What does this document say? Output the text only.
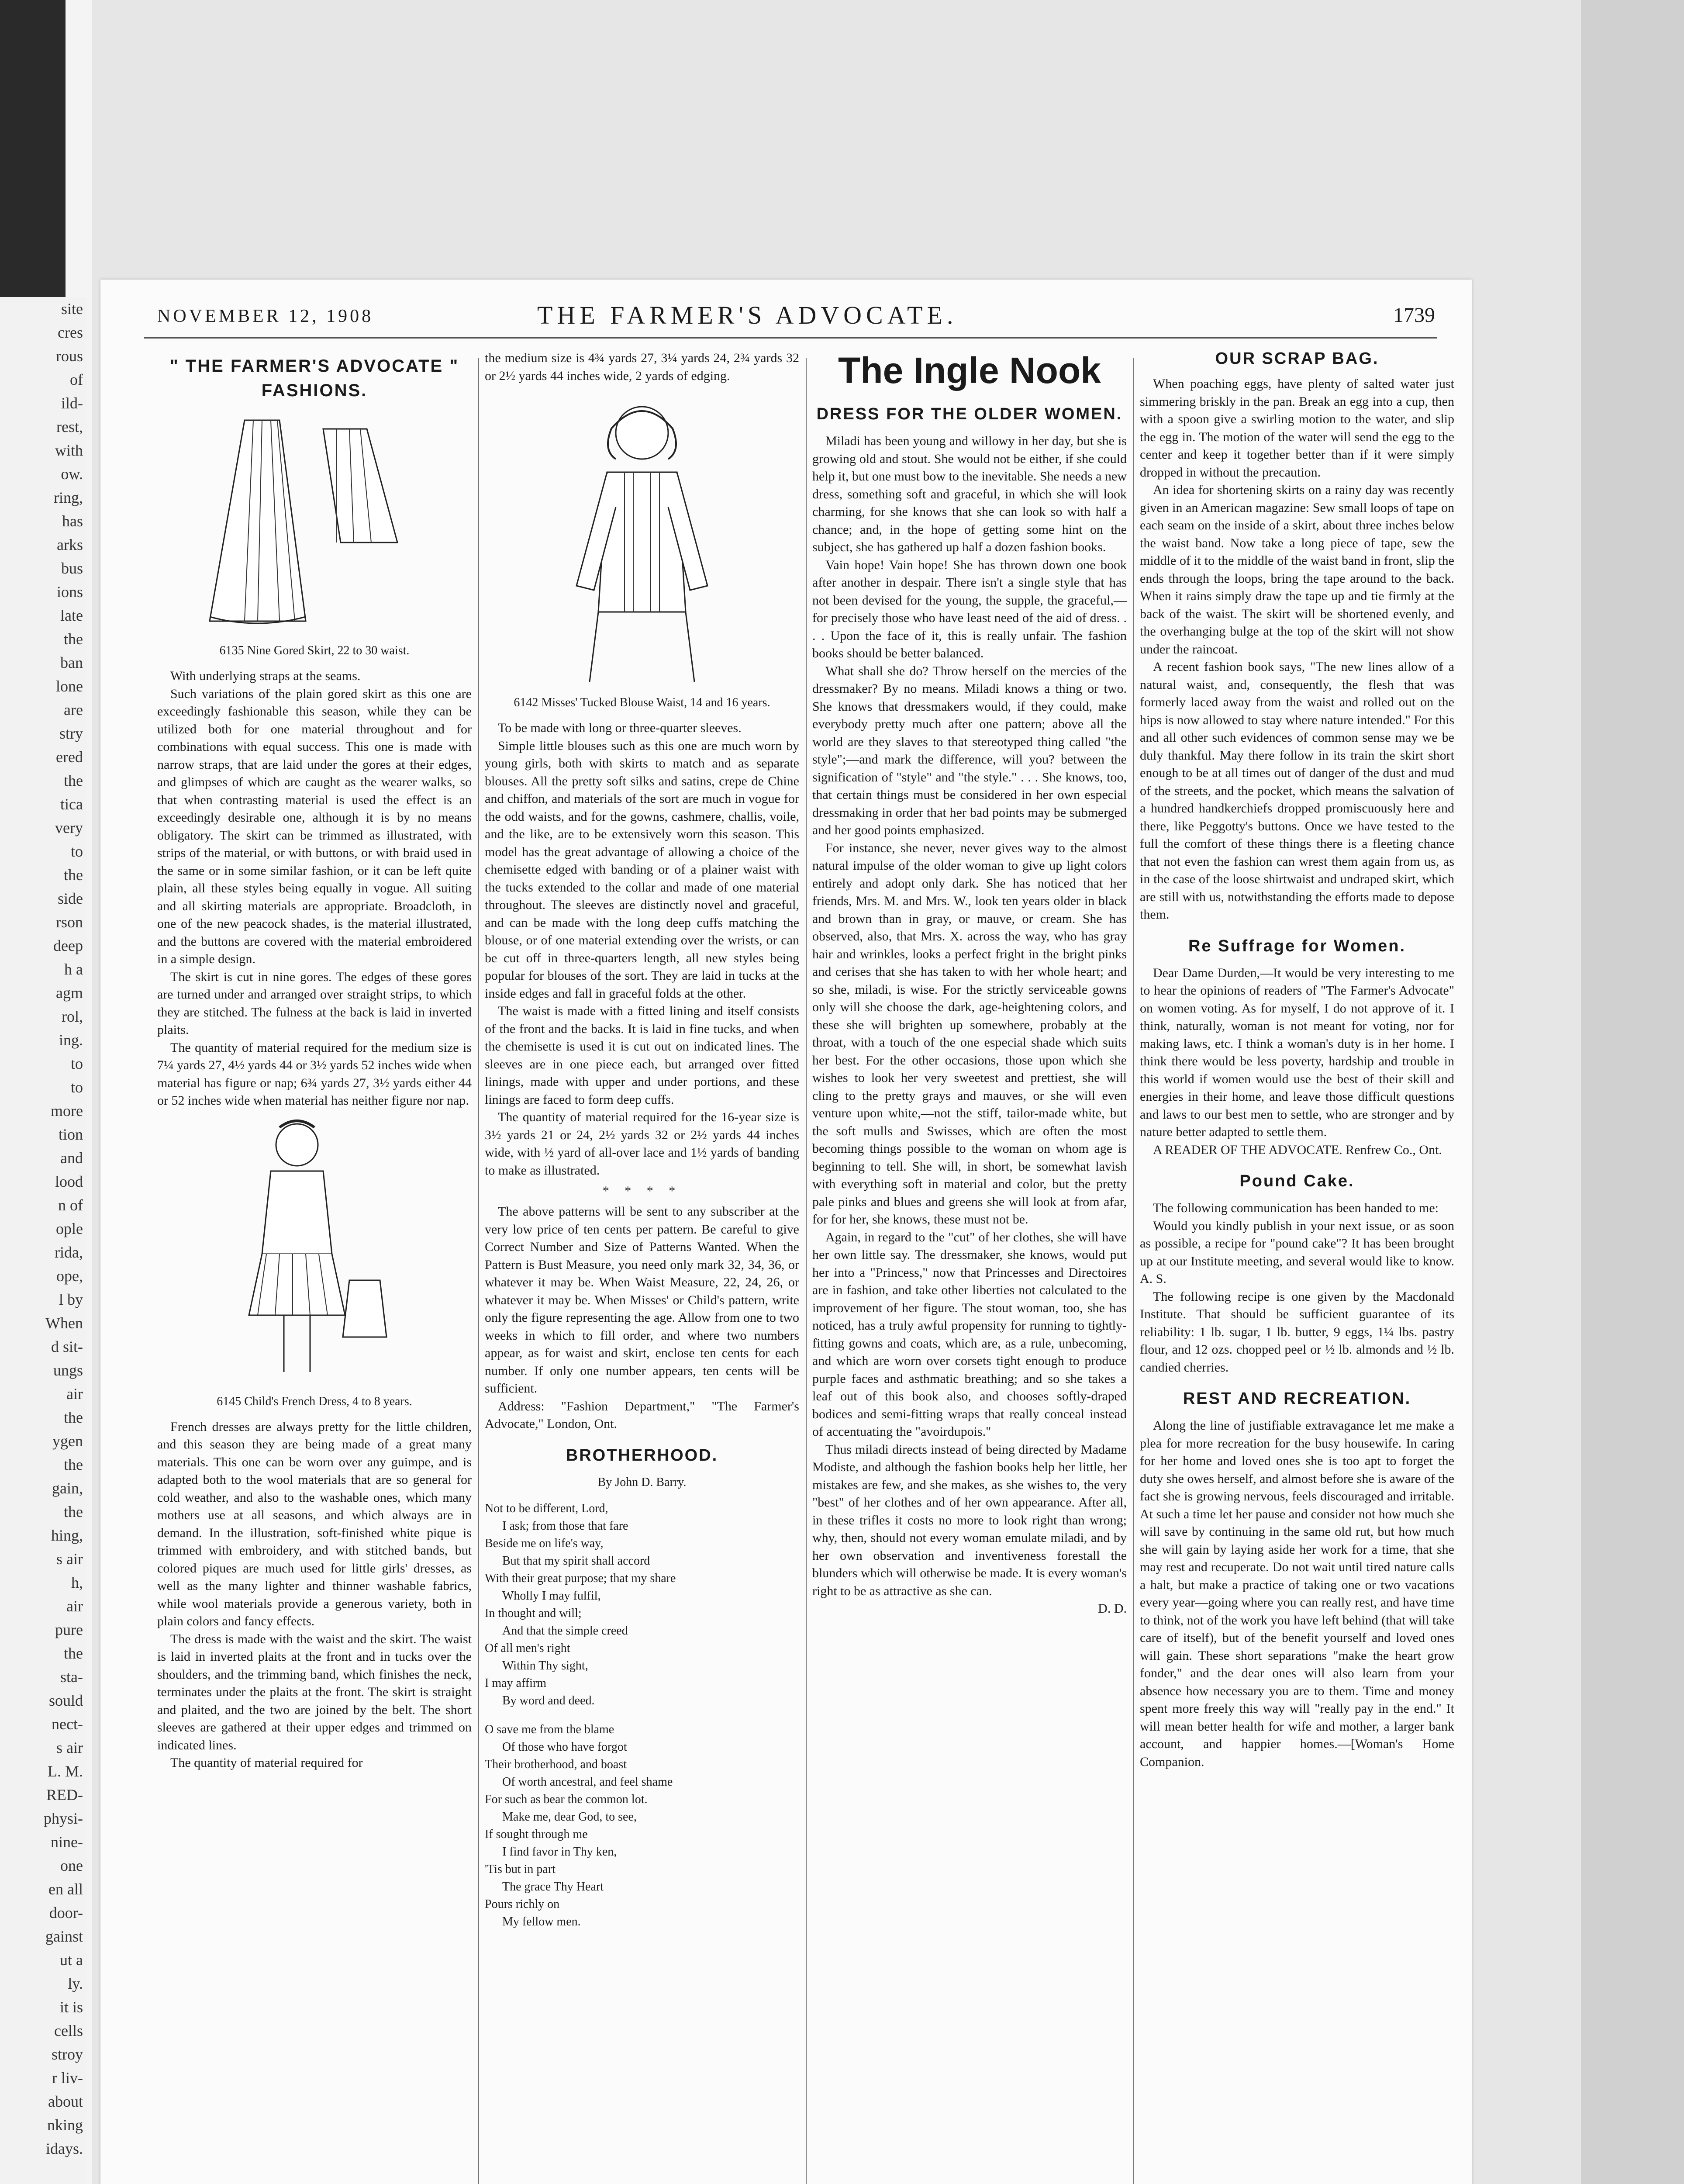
site

cres

rous

of

ild-

rest,

with

ow.

ring,

has

arks

bus

ions

late

the

ban

lone

are

stry

ered

the

tica

very

to

the

side

rson

deep

h a

agm

rol,

ing.

to

to

more

tion

and

lood

n of

ople

rida,

ope,

l by

When

d sit-

ungs

air

the

ygen

the

gain,

the

hing,

s air

h,

air

pure

the

sta-

sould

nect-

s air

L. M.

RED-

physi-

nine-

one

en all

door-

gainst

ut a

ly.

it is

cells

stroy

r liv-

about

nking

idays.

NOVEMBER 12, 1908	THE FARMER'S ADVOCATE.	1739
" THE FARMER'S ADVOCATE " FASHIONS.
6135 Nine Gored Skirt, 22 to 30 waist.

With underlying straps at the seams.

Such variations of the plain gored skirt as this one are exceedingly fashionable this season, while they can be utilized both for one material throughout and for combinations with equal success. This one is made with narrow straps, that are laid under the gores at their edges, and glimpses of which are caught as the wearer walks, so that when contrasting material is used the effect is an exceedingly desirable one, although it is by no means obligatory. The skirt can be trimmed as illustrated, with strips of the material, or with buttons, or with braid used in the same or in some similar fashion, or it can be left quite plain, all these styles being equally in vogue. All suiting and all skirting materials are appropriate. Broadcloth, in one of the new peacock shades, is the material illustrated, and the buttons are covered with the material embroidered in a simple design.

The skirt is cut in nine gores. The edges of these gores are turned under and arranged over straight strips, to which they are stitched. The fulness at the back is laid in inverted plaits.

The quantity of material required for the medium size is 7¼ yards 27, 4½ yards 44 or 3½ yards 52 inches wide when material has figure or nap; 6¾ yards 27, 3½ yards either 44 or 52 inches wide when material has neither figure nor nap.

6145 Child's French Dress, 4 to 8 years.

French dresses are always pretty for the little children, and this season they are being made of a great many materials. This one can be worn over any guimpe, and is adapted both to the wool materials that are so general for cold weather, and also to the washable ones, which many mothers use at all seasons, and which always are in demand. In the illustration, soft-finished white pique is trimmed with embroidery, and with stitched bands, but colored piques are much used for little girls' dresses, as well as the many lighter and thinner washable fabrics, while wool materials provide a generous variety, both in plain colors and fancy effects.

The dress is made with the waist and the skirt. The waist is laid in inverted plaits at the front and in tucks over the shoulders, and the trimming band, which finishes the neck, terminates under the plaits at the front. The skirt is straight and plaited, and the two are joined by the belt. The short sleeves are gathered at their upper edges and trimmed on indicated lines.

The quantity of material required for

the medium size is 4¾ yards 27, 3¼ yards 24, 2¾ yards 32 or 2½ yards 44 inches wide, 2 yards of edging.

6142 Misses' Tucked Blouse Waist, 14 and 16 years.

To be made with long or three-quarter sleeves.

Simple little blouses such as this one are much worn by young girls, both with skirts to match and as separate blouses. All the pretty soft silks and satins, crepe de Chine and chiffon, and materials of the sort are much in vogue for the odd waists, and for the gowns, cashmere, challis, voile, and the like, are to be extensively worn this season. This model has the great advantage of allowing a choice of the chemisette edged with banding or of a plainer waist with the tucks extended to the collar and made of one material throughout. The sleeves are distinctly novel and graceful, and can be made with the long deep cuffs matching the blouse, or of one material extending over the wrists, or can be cut off in three-quarters length, all new styles being popular for blouses of the sort. They are laid in tucks at the inside edges and fall in graceful folds at the other.

The waist is made with a fitted lining and itself consists of the front and the backs. It is laid in fine tucks, and when the chemisette is used it is cut out on indicated lines. The sleeves are in one piece each, but arranged over fitted linings, made with upper and under portions, and these linings are faced to form deep cuffs.

The quantity of material required for the 16-year size is 3½ yards 21 or 24, 2½ yards 32 or 2½ yards 44 inches wide, with ½ yard of all-over lace and 1½ yards of banding to make as illustrated.

* * * *

The above patterns will be sent to any subscriber at the very low price of ten cents per pattern. Be careful to give Correct Number and Size of Patterns Wanted. When the Pattern is Bust Measure, you need only mark 32, 34, 36, or whatever it may be. When Waist Measure, 22, 24, 26, or whatever it may be. When Misses' or Child's pattern, write only the figure representing the age. Allow from one to two weeks in which to fill order, and where two numbers appear, as for waist and skirt, enclose ten cents for each number. If only one number appears, ten cents will be sufficient.

Address: "Fashion Department," "The Farmer's Advocate," London, Ont.

BROTHERHOOD.
By John D. Barry.

Not to be different, Lord,
I ask; from those that fare
Beside me on life's way,
But that my spirit shall accord
With their great purpose; that my share
Wholly I may fulfil,
In thought and will;
And that the simple creed
Of all men's right
Within Thy sight,
I may affirm
By word and deed.

O save me from the blame
Of those who have forgot
Their brotherhood, and boast
Of worth ancestral, and feel shame
For such as bear the common lot.
Make me, dear God, to see,
If sought through me
I find favor in Thy ken,
'Tis but in part
The grace Thy Heart
Pours richly on
My fellow men.

The Ingle Nook
DRESS FOR THE OLDER WOMEN.

Miladi has been young and willowy in her day, but she is growing old and stout. She would not be either, if she could help it, but one must bow to the inevitable. She needs a new dress, something soft and graceful, in which she will look charming, for she knows that she can look so with half a chance; and, in the hope of getting some hint on the subject, she has gathered up half a dozen fashion books.

Vain hope! Vain hope! She has thrown down one book after another in despair. There isn't a single style that has not been devised for the young, the supple, the graceful,—for precisely those who have least need of the aid of dress. . . . Upon the face of it, this is really unfair. The fashion books should be better balanced.

What shall she do? Throw herself on the mercies of the dressmaker? By no means. Miladi knows a thing or two. She knows that dressmakers would, if they could, make everybody pretty much after one pattern; above all the world are they slaves to that stereotyped thing called "the style";—and mark the difference, will you? between the signification of "style" and "the style." . . . She knows, too, that certain things must be considered in her own especial dressmaking in order that her bad points may be submerged and her good points emphasized.

For instance, she never, never gives way to the almost natural impulse of the older woman to give up light colors entirely and adopt only dark. She has noticed that her friends, Mrs. M. and Mrs. W., look ten years older in black and brown than in gray, or mauve, or cream. She has observed, also, that Mrs. X. across the way, who has gray hair and wrinkles, looks a perfect fright in the bright pinks and cerises that she has taken to with her whole heart; and so she, miladi, is wise. For the strictly serviceable gowns only will she choose the dark, age-heightening colors, and these she will brighten up somewhere, probably at the throat, with a touch of the one especial shade which suits her best. For the other occasions, those upon which she wishes to look her very sweetest and prettiest, she will cling to the pretty grays and mauves, or she will even venture upon white,—not the stiff, tailor-made white, but the soft mulls and Swisses, which are often the most becoming things possible to the woman on whom age is beginning to tell. She will, in short, be somewhat lavish with everything soft in material and color, but the pretty pale pinks and blues and greens she will look at from afar, for for her, she knows, these must not be.

Again, in regard to the "cut" of her clothes, she will have her own little say. The dressmaker, she knows, would put her into a "Princess," now that Princesses and Directoires are in fashion, and take other liberties not calculated to the improvement of her figure. The stout woman, too, she has noticed, has a truly awful propensity for running to tightly-fitting gowns and coats, which are, as a rule, unbecoming, and which are worn over corsets tight enough to produce purple faces and asthmatic breathing; and so she takes a leaf out of this book also, and chooses softly-draped bodices and semi-fitting wraps that really conceal instead of accentuating the "avoirdupois."

Thus miladi directs instead of being directed by Madame Modiste, and although the fashion books help her little, her mistakes are few, and she makes, as she wishes to, the very "best" of her clothes and of her own appearance. After all, in these trifles it costs no more to look right than wrong; why, then, should not every woman emulate miladi, and by her own observation and inventiveness forestall the blunders which will otherwise be made. It is every woman's right to be as attractive as she can.

D. D.

OUR SCRAP BAG.

When poaching eggs, have plenty of salted water just simmering briskly in the pan. Break an egg into a cup, then with a spoon give a swirling motion to the water, and slip the egg in. The motion of the water will send the egg to the center and keep it together better than if it were simply dropped in without the precaution.

An idea for shortening skirts on a rainy day was recently given in an American magazine: Sew small loops of tape on each seam on the inside of a skirt, about three inches below the waist band. Now take a long piece of tape, sew the middle of it to the middle of the waist band in front, slip the ends through the loops, bring the tape around to the back. When it rains simply draw the tape up and tie firmly at the back of the waist. The skirt will be shortened evenly, and the overhanging bulge at the top of the skirt will not show under the raincoat.

A recent fashion book says, "The new lines allow of a natural waist, and, consequently, the flesh that was formerly laced away from the waist and rolled out on the hips is now allowed to stay where nature intended." For this and all other such evidences of common sense may we be duly thankful. May there follow in its train the skirt short enough to be at all times out of danger of the dust and mud of the streets, and the pocket, which means the salvation of a hundred handkerchiefs dropped promiscuously here and there, like Peggotty's buttons. Once we have tested to the full the comfort of these things there is a fleeting chance that not even the fashion can wrest them again from us, as in the case of the loose shirtwaist and undraped skirt, which are still with us, notwithstanding the efforts made to depose them.

Re Suffrage for Women.

Dear Dame Durden,—It would be very interesting to me to hear the opinions of readers of "The Farmer's Advocate" on women voting. As for myself, I do not approve of it. I think, naturally, woman is not meant for voting, nor for making laws, etc. I think a woman's duty is in her home. I think there would be less poverty, hardship and trouble in this world if women would use the best of their skill and energies in their home, and leave those difficult questions and laws to our best men to settle, who are stronger and by nature better adapted to settle them.

A READER OF THE ADVOCATE. Renfrew Co., Ont.

Pound Cake.

The following communication has been handed to me:

Would you kindly publish in your next issue, or as soon as possible, a recipe for "pound cake"? It has been brought up at our Institute meeting, and several would like to know. A. S.

The following recipe is one given by the Macdonald Institute. That should be sufficient guarantee of its reliability: 1 lb. sugar, 1 lb. butter, 9 eggs, 1¼ lbs. pastry flour, and 12 ozs. chopped peel or ½ lb. almonds and ½ lb. candied cherries.

REST AND RECREATION.

Along the line of justifiable extravagance let me make a plea for more recreation for the busy housewife. In caring for her home and loved ones she is too apt to forget the duty she owes herself, and almost before she is aware of the fact she is growing nervous, feels discouraged and irritable. At such a time let her pause and consider not how much she will save by continuing in the same old rut, but how much she will gain by laying aside her work for a time, that she may rest and recuperate. Do not wait until tired nature calls a halt, but make a practice of taking one or two vacations every year—going where you can really rest, and have time to think, not of the work you have left behind (that will take care of itself), but of the benefit yourself and loved ones will gain. These short separations "make the heart grow fonder," and the dear ones will also learn from your absence how necessary you are to them. Time and money spent more freely this way will "really pay in the end." It will mean better health for wife and mother, a larger bank account, and happier homes.—[Woman's Home Companion.
